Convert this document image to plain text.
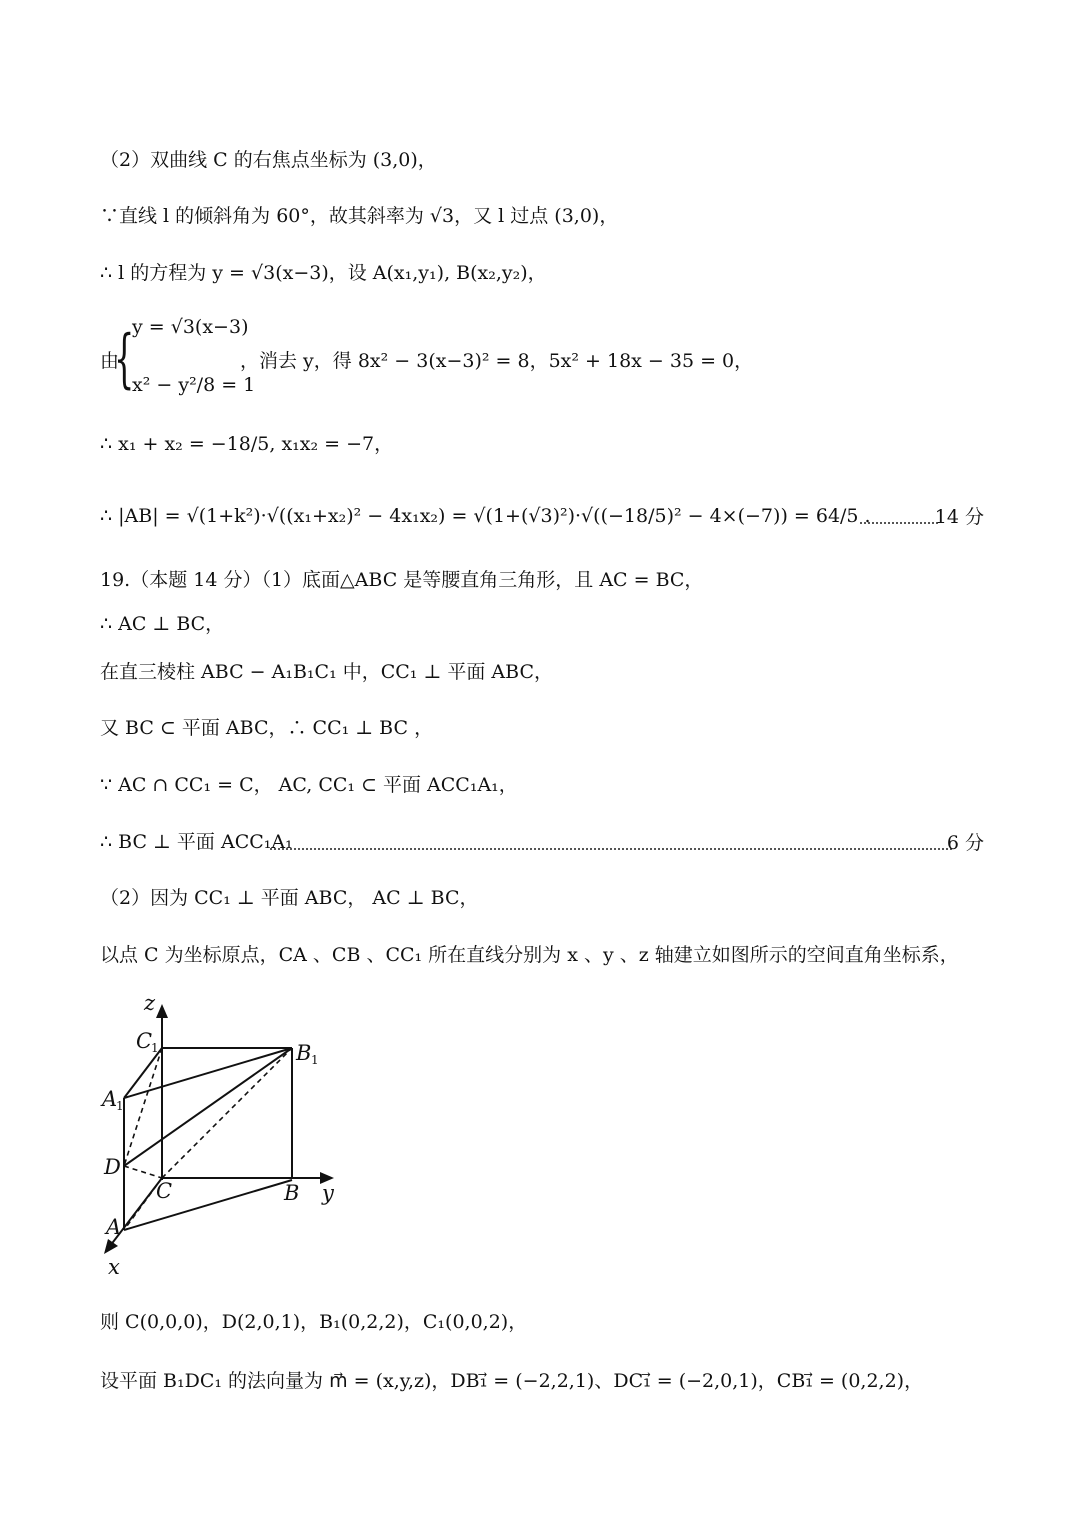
（2）双曲线 C 的右焦点坐标为 (3,0)，
∵直线 l 的倾斜角为 60°，故其斜率为 √3，又 l 过点 (3,0)，
∴ l 的方程为 y = √3(x−3)，设 A(x₁,y₁), B(x₂,y₂)，
由
{
y = √3(x−3)
x² − y²/8 = 1
，消去 y，得 8x² − 3(x−3)² = 8，5x² + 18x − 35 = 0，
∴ x₁ + x₂ = −18/5, x₁x₂ = −7，
∴ |AB| = √(1+k²)·√((x₁+x₂)² − 4x₁x₂) = √(1+(√3)²)·√((−18/5)² − 4×(−7)) = 64/5 .	14 分
19.（本题 14 分）（1）底面△ABC 是等腰直角三角形，且 AC = BC，
∴ AC ⊥ BC，
在直三棱柱 ABC − A₁B₁C₁ 中，CC₁ ⊥ 平面 ABC，
又 BC ⊂ 平面 ABC，∴ CC₁ ⊥ BC ，
∵ AC ∩ CC₁ = C， AC, CC₁ ⊂ 平面 ACC₁A₁，
∴ BC ⊥ 平面 ACC₁A₁	6 分
（2）因为 CC₁ ⊥ 平面 ABC， AC ⊥ BC，
以点 C 为坐标原点，CA 、CB 、CC₁ 所在直线分别为 x 、y 、z 轴建立如图所示的空间直角坐标系，
z
C
1	B 1
A
1
D
C	B y
A
x
则 C(0,0,0)，D(2,0,1)，B₁(0,2,2)，C₁(0,0,2)，
设平面 B₁DC₁ 的法向量为 m⃗ = (x,y,z)，DB₁⃗ = (−2,2,1)、DC₁⃗ = (−2,0,1)，CB₁⃗ = (0,2,2)，
